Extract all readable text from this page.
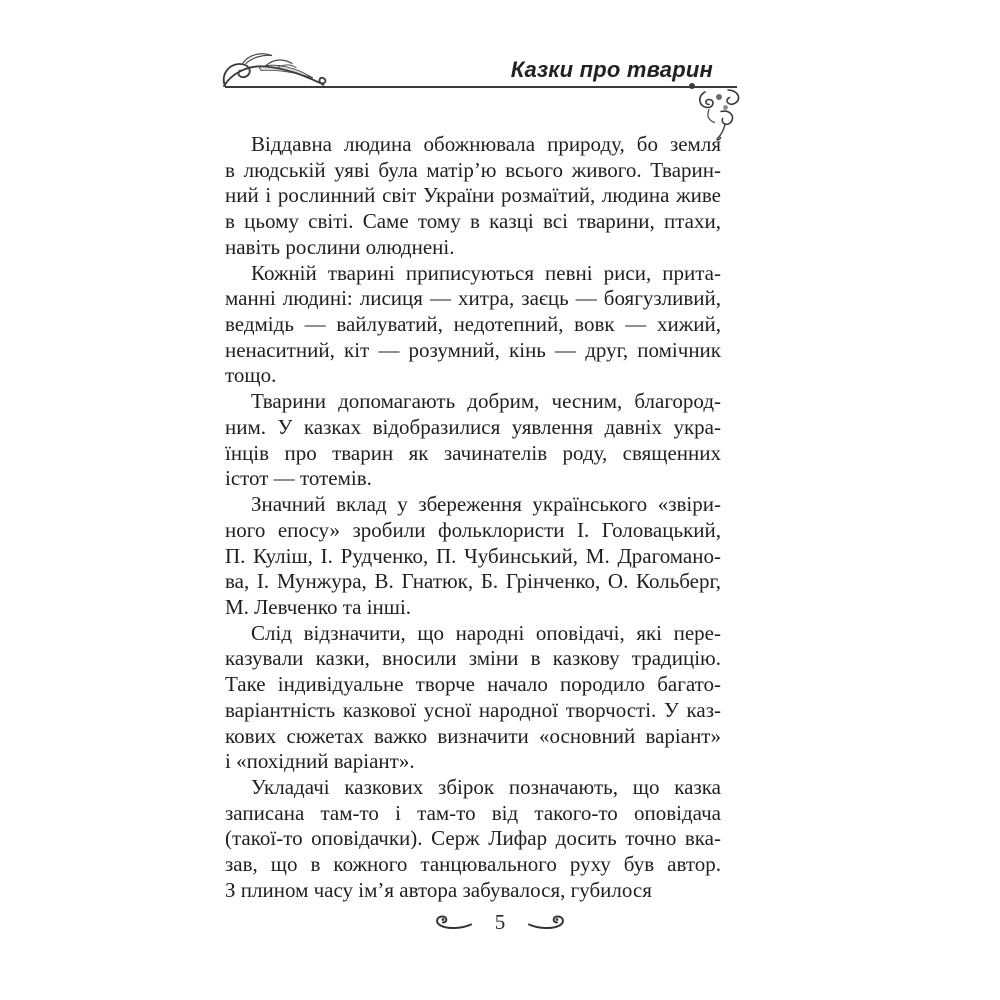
Казки про тварин
Віддавна людина обожнювала природу, бо земля
в людській уяві була матір’ю всього живого. Тварин-
ний і рослинний світ України розмаїтий, людина живе
в цьому світі. Саме тому в казці всі тварини, птахи,
навіть рослини олюднені.
Кожній тварині приписуються певні риси, прита-
манні людині: лисиця — хитра, заєць — боягузливий,
ведмідь — вайлуватий, недотепний, вовк — хижий,
ненаситний, кіт — розумний, кінь — друг, помічник
тощо.
Тварини допомагають добрим, чесним, благород-
ним. У казках відобразилися уявлення давніх укра-
їнців про тварин як зачинателів роду, священних
істот — тотемів.
Значний вклад у збереження українського «звіри-
ного епосу» зробили фольклористи І. Головацький,
П. Куліш, І. Рудченко, П. Чубинський, М. Драгомано-
ва, І. Мунжура, В. Гнатюк, Б. Грінченко, О. Кольберг,
М. Левченко та інші.
Слід відзначити, що народні оповідачі, які пере-
казували казки, вносили зміни в казкову традицію.
Таке індивідуальне творче начало породило багато-
варіантність казкової усної народної творчості. У каз-
кових сюжетах важко визначити «основний варіант»
і «похідний варіант».
Укладачі казкових збірок позначають, що казка
записана там-то і там-то від такого-то оповідача
(такої-то оповідачки). Серж Лифар досить точно вка-
зав, що в кожного танцювального руху був автор.
З плином часу ім’я автора забувалося, губилося
5
